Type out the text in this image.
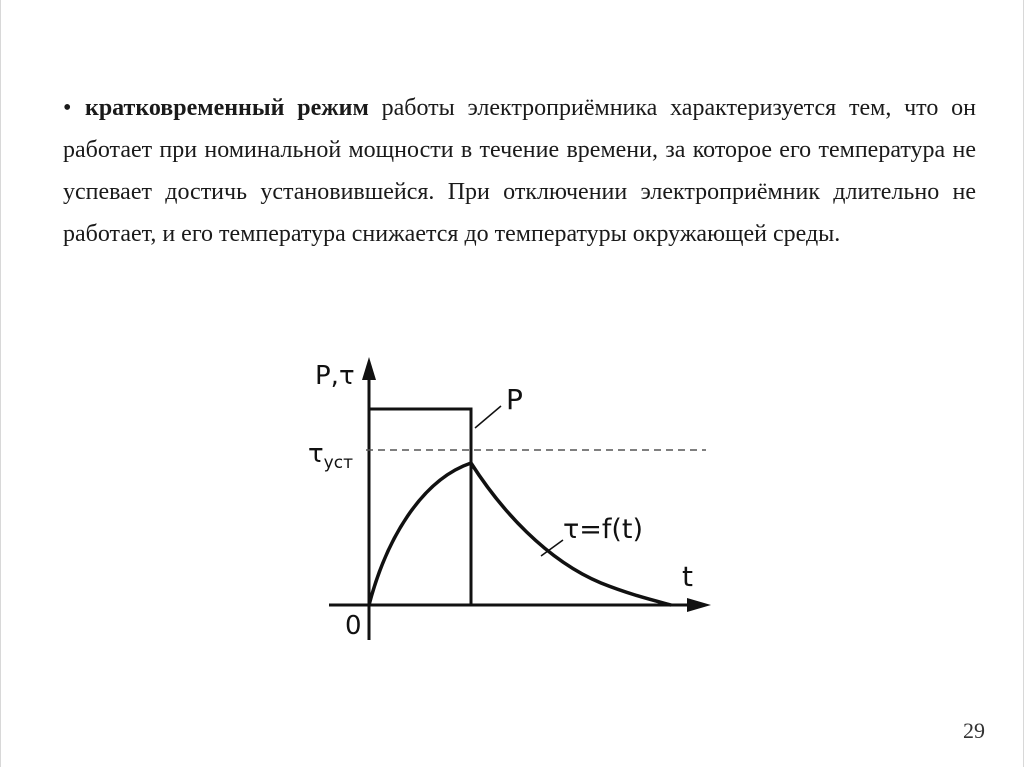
• кратковременный режим работы электроприёмника характеризуется тем, что он работает при номинальной мощности в течение времени, за которое его температура не успевает достичь установившейся. При отключении электроприёмник длительно не работает, и его температура снижается до температуры окружающей среды.
P,τ
t
0
$\tau_{уст}$
P
τ=f(t)
29
